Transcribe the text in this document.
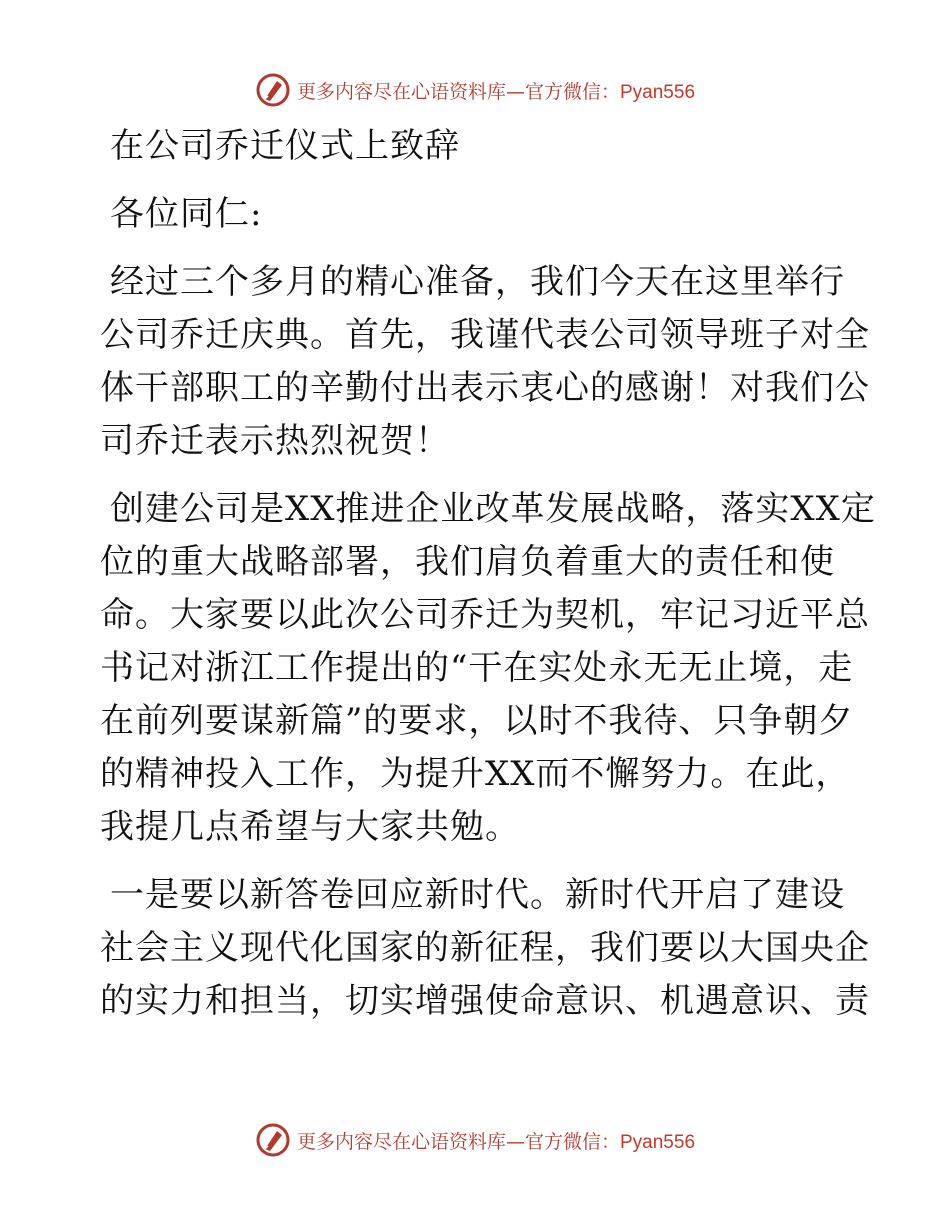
更多内容尽在心语资料库—官方微信：Pyan556
在公司乔迁仪式上致辞
各位同仁:
经过三个多月的精心准备，我们今天在这里举行
公司乔迁庆典。首先，我谨代表公司领导班子对全
体干部职工的辛勤付出表示衷心的感谢！对我们公
司乔迁表示热烈祝贺！
创建公司是XX推进企业改革发展战略，落实XX定
位的重大战略部署，我们肩负着重大的责任和使
命。大家要以此次公司乔迁为契机，牢记习近平总
书记对浙江工作提出的“干在实处永无无止境，走
在前列要谋新篇”的要求，以时不我待、只争朝夕
的精神投入工作，为提升XX而不懈努力。在此，
我提几点希望与大家共勉。
一是要以新答卷回应新时代。新时代开启了建设
社会主义现代化国家的新征程，我们要以大国央企
的实力和担当，切实增强使命意识、机遇意识、责
更多内容尽在心语资料库—官方微信：Pyan556
